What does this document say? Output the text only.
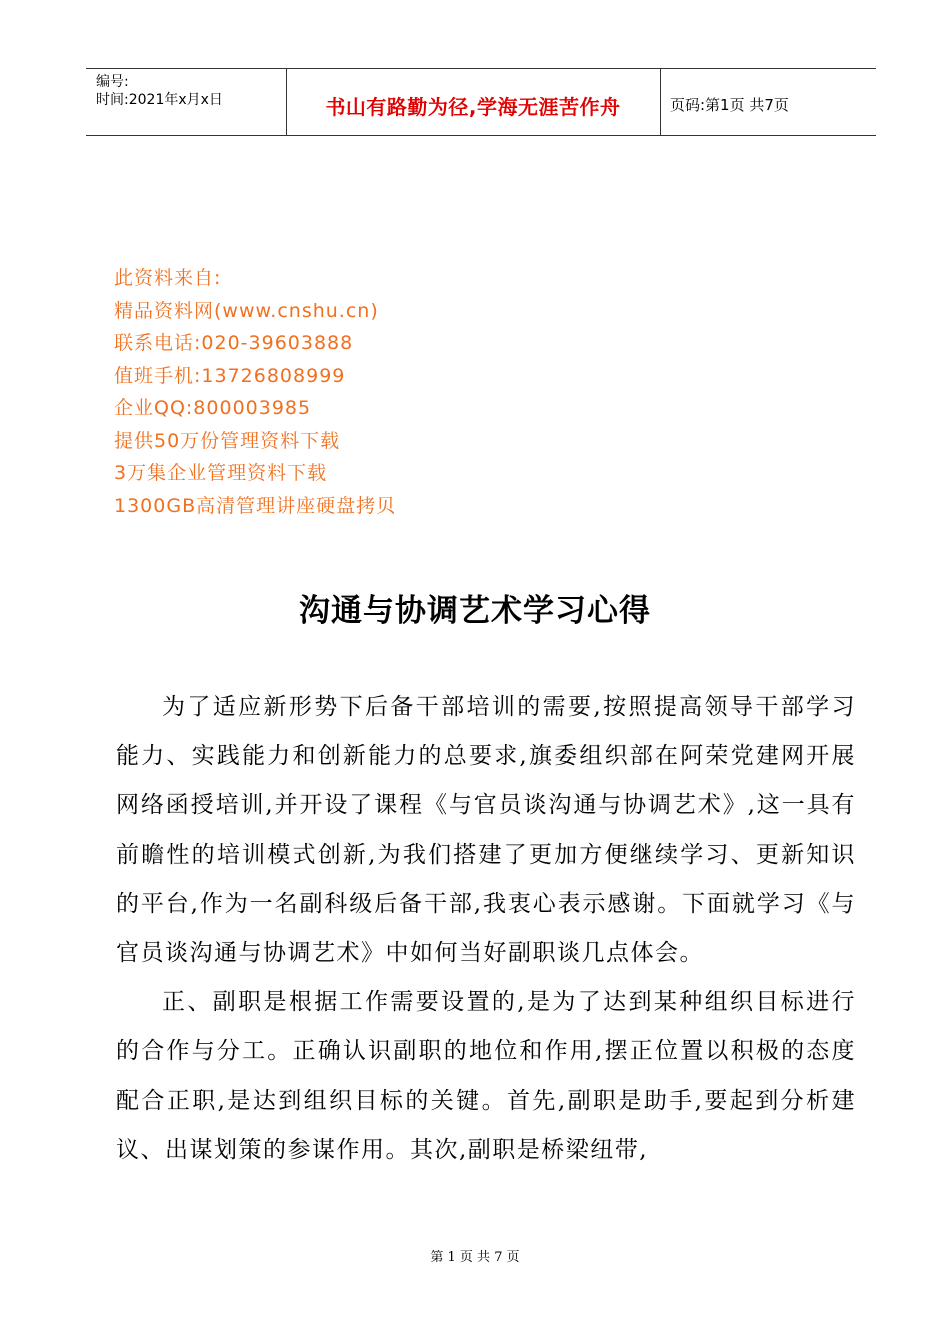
编号:
时间:2021年x月x日	书山有路勤为径,学海无涯苦作舟	页码:第1页 共7页
此资料来自:
精品资料网(www.cnshu.cn)
联系电话:020-39603888
值班手机:13726808999
企业QQ:800003985
提供50万份管理资料下载
3万集企业管理资料下载
1300GB高清管理讲座硬盘拷贝
沟通与协调艺术学习心得

为了适应新形势下后备干部培训的需要,按照提高领导干部学习能力、实践能力和创新能力的总要求,旗委组织部在阿荣党建网开展网络函授培训,并开设了课程《与官员谈沟通与协调艺术》,这一具有前瞻性的培训模式创新,为我们搭建了更加方便继续学习、更新知识的平台,作为一名副科级后备干部,我衷心表示感谢。下面就学习《与官员谈沟通与协调艺术》中如何当好副职谈几点体会。

正、副职是根据工作需要设置的,是为了达到某种组织目标进行的合作与分工。正确认识副职的地位和作用,摆正位置以积极的态度配合正职,是达到组织目标的关键。首先,副职是助手,要起到分析建议、出谋划策的参谋作用。其次,副职是桥梁纽带,

第 1 页 共 7 页
